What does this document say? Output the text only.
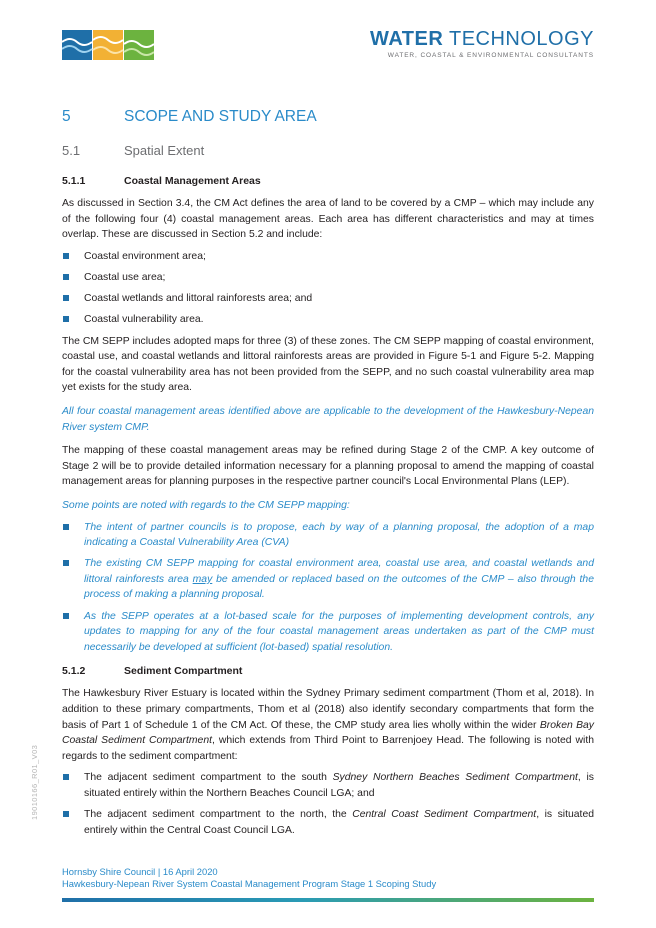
WATER TECHNOLOGY
WATER, COASTAL & ENVIRONMENTAL CONSULTANTS
5	SCOPE AND STUDY AREA
5.1	Spatial Extent
5.1.1	Coastal Management Areas

As discussed in Section 3.4, the CM Act defines the area of land to be covered by a CMP – which may include any of the following four (4) coastal management areas. Each area has different characteristics and may at times overlap. These are discussed in Section 5.2 and include:

Coastal environment area;
Coastal use area;
Coastal wetlands and littoral rainforests area; and
Coastal vulnerability area.

The CM SEPP includes adopted maps for three (3) of these zones. The CM SEPP mapping of coastal environment, coastal use, and coastal wetlands and littoral rainforests areas are provided in Figure 5-1 and Figure 5-2. Mapping for the coastal vulnerability area has not been provided from the SEPP, and no such coastal vulnerability area map yet exists for the study area.

All four coastal management areas identified above are applicable to the development of the Hawkesbury-Nepean River system CMP.

The mapping of these coastal management areas may be refined during Stage 2 of the CMP. A key outcome of Stage 2 will be to provide detailed information necessary for a planning proposal to amend the mapping of coastal management areas for planning purposes in the respective partner council's Local Environmental Plans (LEP).

Some points are noted with regards to the CM SEPP mapping:

The intent of partner councils is to propose, each by way of a planning proposal, the adoption of a map indicating a Coastal Vulnerability Area (CVA)
The existing CM SEPP mapping for coastal environment area, coastal use area, and coastal wetlands and littoral rainforests area may be amended or replaced based on the outcomes of the CMP – also through the process of making a planning proposal.
As the SEPP operates at a lot-based scale for the purposes of implementing development controls, any updates to mapping for any of the four coastal management areas undertaken as part of the CMP must necessarily be developed at sufficient (lot-based) spatial resolution.
5.1.2	Sediment Compartment

The Hawkesbury River Estuary is located within the Sydney Primary sediment compartment (Thom et al, 2018). In addition to these primary compartments, Thom et al (2018) also identify secondary compartments that form the basis of Part 1 of Schedule 1 of the CM Act. Of these, the CMP study area lies wholly within the wider Broken Bay Coastal Sediment Compartment, which extends from Third Point to Barrenjoey Head. The following is noted with regards to the sediment compartment:

The adjacent sediment compartment to the south Sydney Northern Beaches Sediment Compartment, is situated entirely within the Northern Beaches Council LGA; and
The adjacent sediment compartment to the north, the Central Coast Sediment Compartment, is situated entirely within the Central Coast Council LGA.
19010166_R01_V03
Hornsby Shire Council | 16 April 2020
Hawkesbury-Nepean River System Coastal Management Program Stage 1 Scoping Study
